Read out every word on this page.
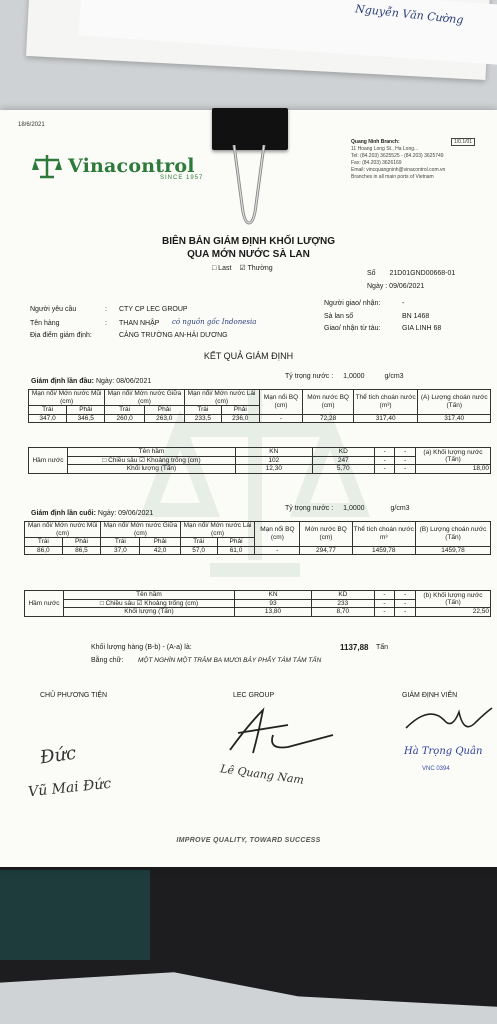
Nguyễn Văn Cường
18/6/2021
Vinacontrol
SINCE 1957
Quang Ninh Branch:
11 Hoang Long St., Ha Long...
Tel: (84.203) 3625525 - (84.203) 3625749
Fax: (84.203) 3626169
Email: vincquangninh@vinacontrol.com.vn
Branches in all main ports of Vietnam
1/0.1/01
BIÊN BẢN GIÁM ĐỊNH KHỐI LƯỢNG
QUA MỚN NƯỚC SÀ LAN
□ Last ☑ Thường
Số 21D01GND00668-01
Ngày : 09/06/2021
Người yêu cầu	: CTY CP LEC GROUP
Tên hàng	: THAN NHẬP có nguồn gốc Indonesia
Địa điểm giám định:	CẢNG TRƯỜNG AN-HẢI DƯƠNG
Người giao/ nhận:	-
Sà lan số	BN 1468
Giao/ nhận từ tàu:	GIA LINH 68
KẾT QUẢ GIÁM ĐỊNH
Giám định lần đầu: Ngày: 08/06/2021
Tỷ trọng nước : 1,0000	g/cm3
Mạn nổi/ Mớn nước Mũi (cm)		Mạn nổi/ Mớn nước Giữa (cm)		Mạn nổi/ Mớn nước Lái (cm)		Mạn nổi BQ (cm)	Mớn nước BQ (cm)	Thể tích choán nước (m³)	(A) Lượng choán nước (Tấn)
Trái	Phải	Trái	Phải	Trái	Phải				
347,0	346,5	260,0	263,0	233,5	236,0	-	72,28	317,40	317,40
Hầm nước	Tên hầm	KN	KD	-	-	(a) Khối lượng nước (Tấn)
	□ Chiều sâu ☑ Khoảng trống (cm)	102	247	-	-	
	Khối lượng (Tấn)	12,30	5,70	-	-	18,00
Giám định lần cuối: Ngày: 09/06/2021
Tỷ trọng nước : 1,0000	g/cm3
Mạn nổi/ Mớn nước Mũi (cm)		Mạn nổi/ Mớn nước Giữa (cm)		Mạn nổi/ Mớn nước Lái (cm)		Mạn nổi BQ (cm)	Mớn nước BQ (cm)	Thể tích choán nước m³	(B) Lượng choán nước (Tấn)
Trái	Phải	Trái	Phải	Trái	Phải				
86,0	86,5	37,0	42,0	57,0	61,0	-	294,77	1459,78	1459,78
Hầm nước	Tên hầm	KN	KD	-	-	(b) Khối lượng nước (Tấn)
	□ Chiều sâu ☑ Khoảng trống (cm)	93	233	-	-	
	Khối lượng (Tấn)	13,80	8,70	-	-	22,50
Khối lượng hàng (B-b) - (A-a) là:	1137,88 Tấn
Bằng chữ: MỘT NGHÌN MỘT TRĂM BA MƯƠI BẢY PHẨY TÁM TÁM TẤN
CHỦ PHƯƠNG TIỆN	LEC GROUP	GIÁM ĐỊNH VIÊN
Lê Quang Nam
Hà Trọng Quân
VNC 0394
Đức
Vũ Mai Đức
IMPROVE QUALITY, TOWARD SUCCESS
